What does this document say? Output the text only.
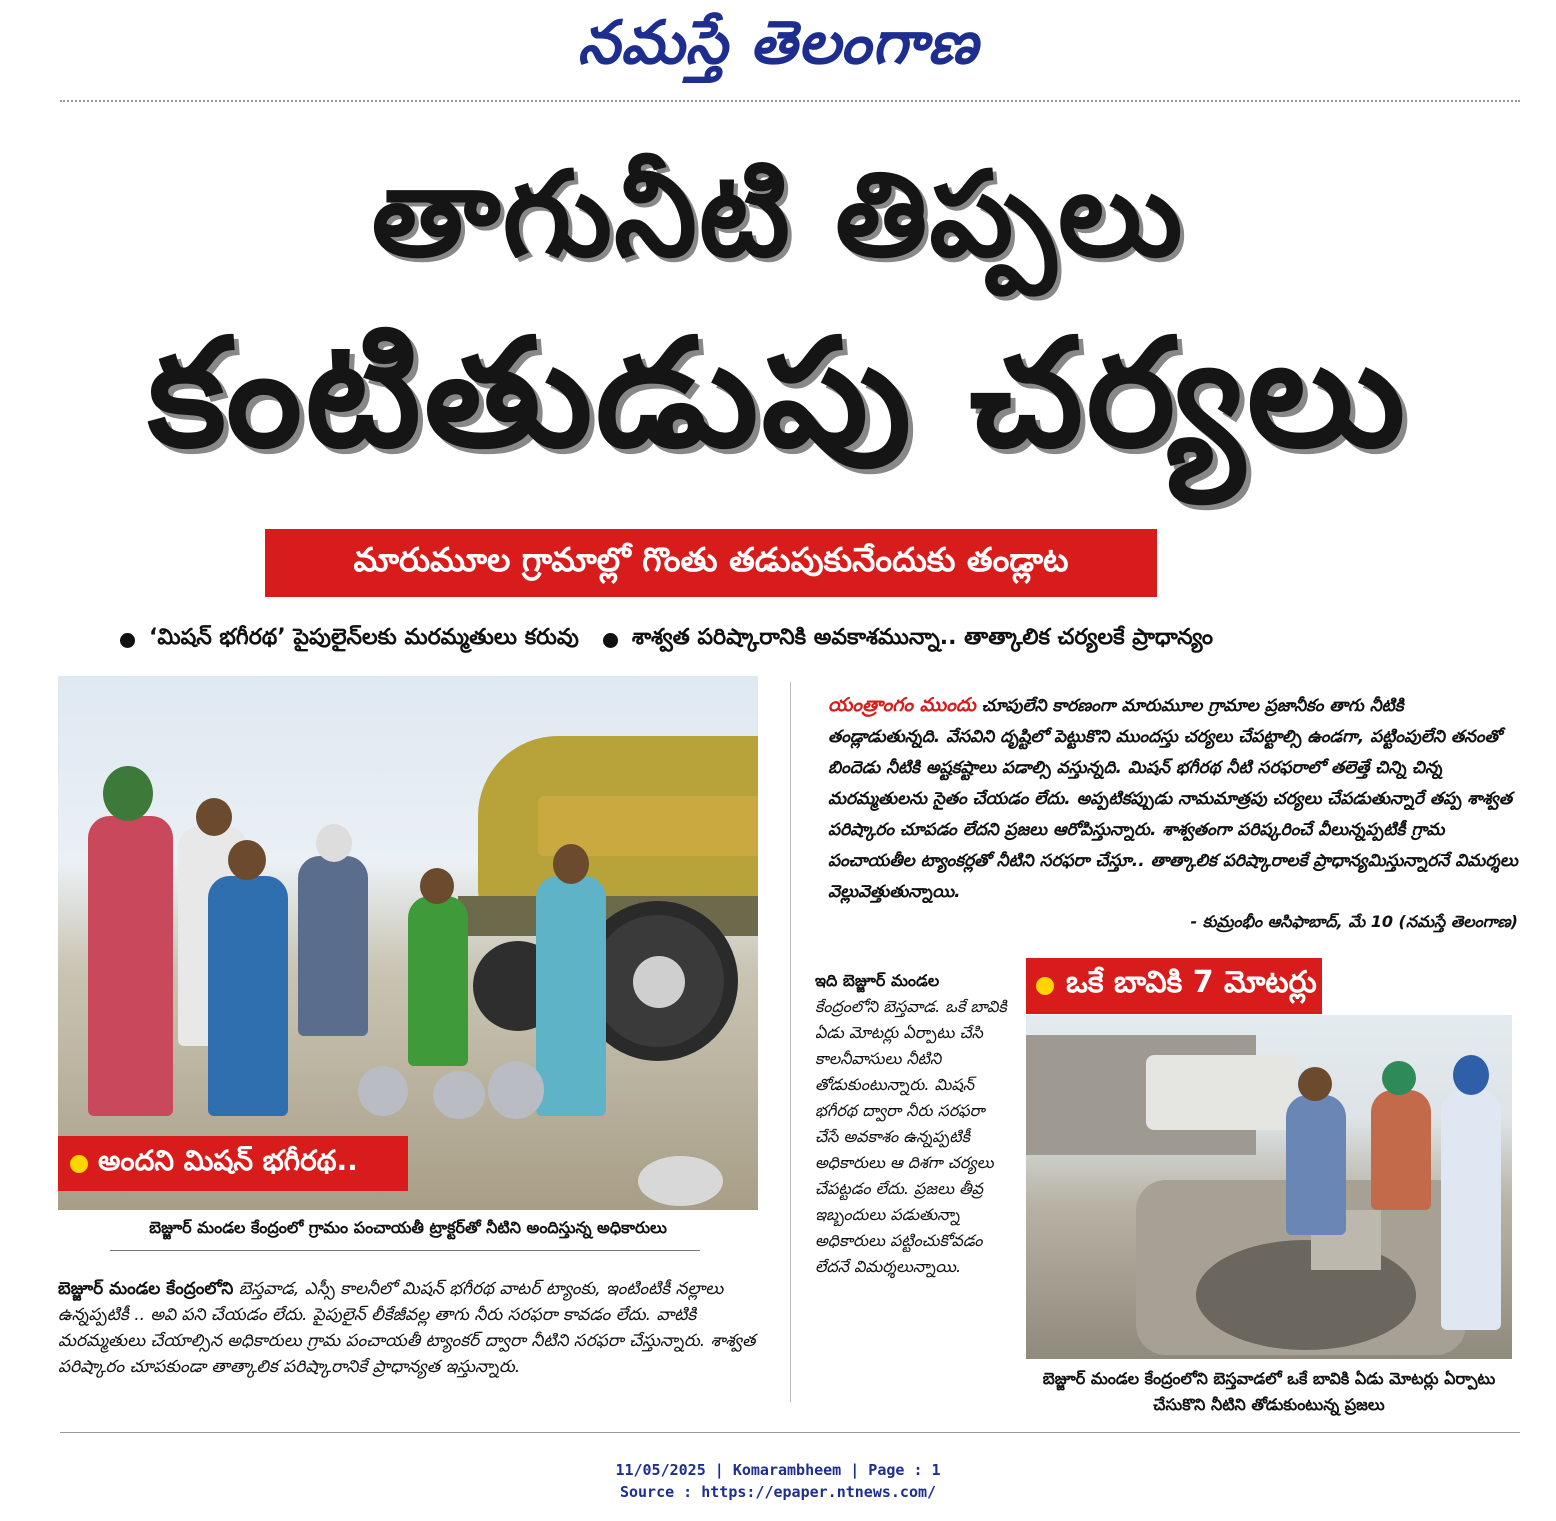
నమస్తే తెలంగాణ
తాగునీటి తిప్పలు
కంటితుడుపు చర్యలు
మారుమూల గ్రామాల్లో గొంతు తడుపుకునేందుకు తండ్లాట
‘మిషన్ భగీరథ’ పైపులైన్‌లకు మరమ్మతులు కరువు శాశ్వత పరిష్కారానికి అవకాశమున్నా.. తాత్కాలిక చర్యలకే ప్రాధాన్యం
అందని మిషన్ భగీరథ..
బెజ్జూర్ మండల కేంద్రంలో గ్రామం పంచాయతీ ట్రాక్టర్‌తో నీటిని అందిస్తున్న అధికారులు
బెజ్జూర్ మండల కేంద్రంలోని బెస్తవాడ, ఎస్సీ కాలనీలో మిషన్ భగీరథ వాటర్ ట్యాంకు, ఇంటింటికీ నల్లాలు ఉన్నప్పటికీ .. అవి పని చేయడం లేదు. పైపులైన్ లీకేజీవల్ల తాగు నీరు సరఫరా కావడం లేదు. వాటికి మరమ్మతులు చేయాల్సిన అధికారులు గ్రామ పంచాయతీ ట్యాంకర్ ద్వారా నీటిని సరఫరా చేస్తున్నారు. శాశ్వత పరిష్కారం చూపకుండా తాత్కాలిక పరిష్కారానికే ప్రాధాన్యత ఇస్తున్నారు.
యంత్రాంగం ముందు చూపులేని కారణంగా మారుమూల గ్రామాల ప్రజానీకం తాగు నీటికి తండ్లాడుతున్నది. వేసవిని దృష్టిలో పెట్టుకొని ముందస్తు చర్యలు చేపట్టాల్సి ఉండగా, పట్టింపులేని తనంతో బిందెడు నీటికి అష్టకష్టాలు పడాల్సి వస్తున్నది. మిషన్ భగీరథ నీటి సరఫరాలో తలెత్తే చిన్ని చిన్న మరమ్మతులను సైతం చేయడం లేదు. అప్పటికప్పుడు నామమాత్రపు చర్యలు చేపడుతున్నారే తప్ప శాశ్వత పరిష్కారం చూపడం లేదని ప్రజలు ఆరోపిస్తున్నారు. శాశ్వతంగా పరిష్కరించే వీలున్నప్పటికీ గ్రామ పంచాయతీల ట్యాంకర్లతో నీటిని సరఫరా చేస్తూ.. తాత్కాలిక పరిష్కారాలకే ప్రాధాన్యమిస్తున్నారనే విమర్శలు వెల్లువెత్తుతున్నాయి.
- కుమ్రంభీం ఆసిఫాబాద్, మే 10 (నమస్తే తెలంగాణ)
ఇది బెజ్జూర్ మండల కేంద్రంలోని బెస్తవాడ. ఒకే బావికి ఏడు మోటర్లు ఏర్పాటు చేసి కాలనీవాసులు నీటిని తోడుకుంటున్నారు. మిషన్ భగీరథ ద్వారా నీరు సరఫరా చేసే అవకాశం ఉన్నప్పటికీ అధికారులు ఆ దిశగా చర్యలు చేపట్టడం లేదు. ప్రజలు తీవ్ర ఇబ్బందులు పడుతున్నా అధికారులు పట్టించుకోవడం లేదనే విమర్శలున్నాయి.
ఒకే బావికి 7 మోటర్లు
బెజ్జూర్ మండల కేంద్రంలోని బెస్తవాడలో ఒకే బావికి ఏడు మోటర్లు ఏర్పాటు చేసుకొని నీటిని తోడుకుంటున్న ప్రజలు
11/05/2025 | Komarambheem | Page : 1
Source : https://epaper.ntnews.com/
